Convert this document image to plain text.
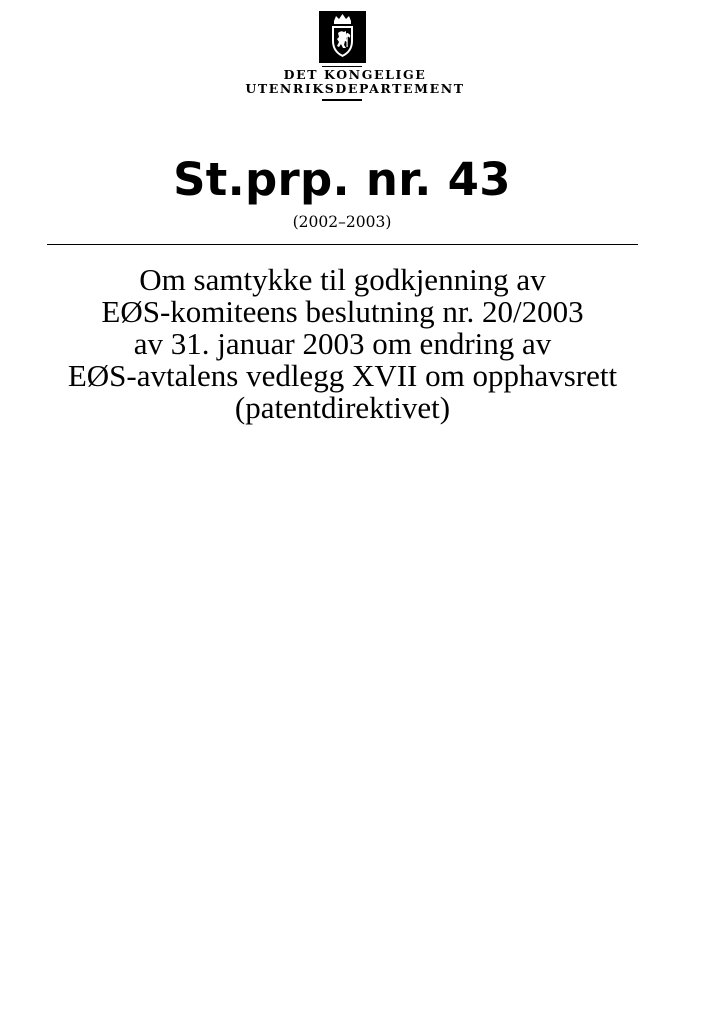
DET KONGELIGE
UTENRIKSDEPARTEMENT
St.prp. nr. 43
(2002–2003)
Om samtykke til godkjenning av
EØS-komiteens beslutning nr. 20/2003
av 31. januar 2003 om endring av
EØS-avtalens vedlegg XVII om opphavsrett
(patentdirektivet)
